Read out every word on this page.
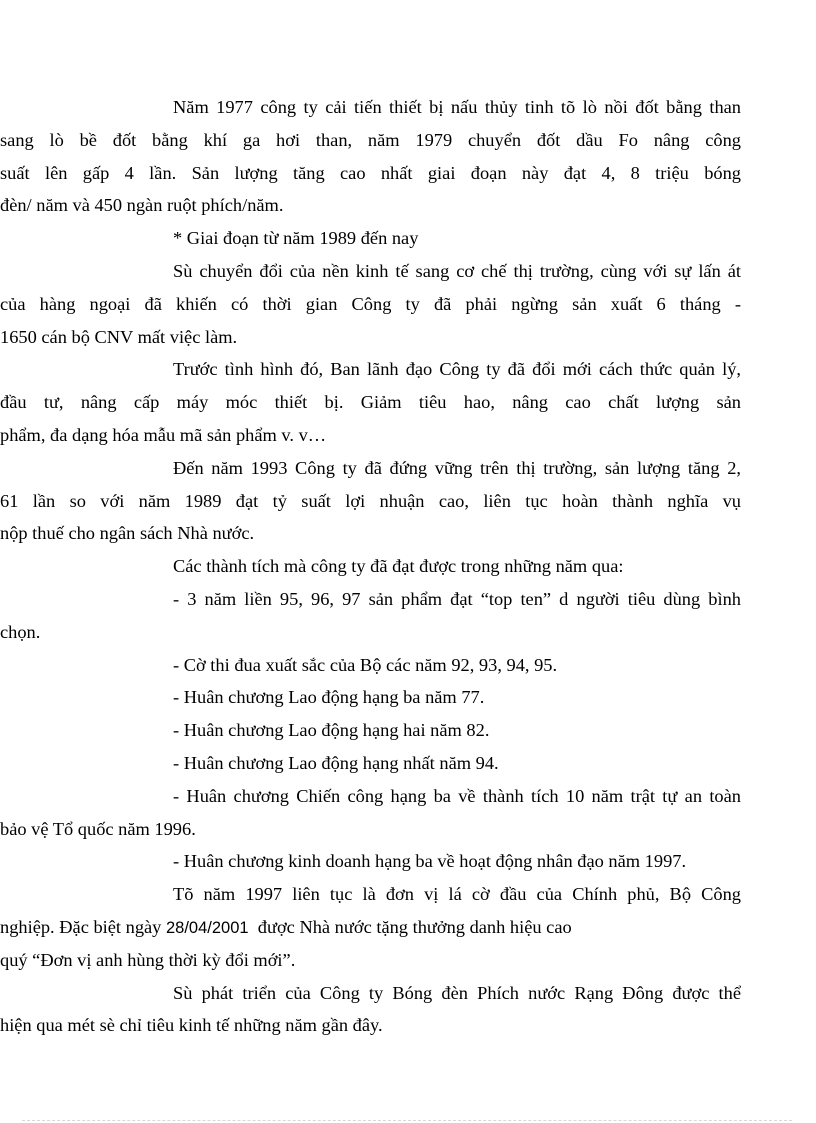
Năm 1977 công ty cải tiến thiết bị nấu thủy tinh tõ lò nồi đốt bằng than
sang lò bề đốt bằng khí ga hơi than, năm 1979 chuyển đốt dầu Fo nâng công
suất lên gấp 4 lần. Sản lượng tăng cao nhất giai đoạn này đạt 4, 8 triệu bóng
đèn/ năm và 450 ngàn ruột phích/năm.
* Giai đoạn từ năm 1989 đến nay
Sù chuyển đổi của nền kinh tế sang cơ chế thị trường, cùng với sự lấn át
của hàng ngoại đã khiến có thời gian Công ty đã phải ngừng sản xuất 6 tháng -
1650 cán bộ CNV mất việc làm.
Trước tình hình đó, Ban lãnh đạo Công ty đã đổi mới cách thức quản lý,
đầu tư, nâng cấp máy móc thiết bị. Giảm tiêu hao, nâng cao chất lượng sản
phẩm, đa dạng hóa mẫu mã sản phẩm v. v…
Đến năm 1993 Công ty đã đứng vững trên thị trường, sản lượng tăng 2,
61 lần so với năm 1989 đạt tỷ suất lợi nhuận cao, liên tục hoàn thành nghĩa vụ
nộp thuế cho ngân sách Nhà nước.
Các thành tích mà công ty đã đạt được trong những năm qua:
- 3 năm liền 95, 96, 97 sản phẩm đạt “top ten” d người tiêu dùng bình
chọn.
- Cờ thi đua xuất sắc của Bộ các năm 92, 93, 94, 95.
- Huân chương Lao động hạng ba năm 77.
- Huân chương Lao động hạng hai năm 82.
- Huân chương Lao động hạng nhất năm 94.
- Huân chương Chiến công hạng ba về thành tích 10 năm trật tự an toàn
bảo vệ Tổ quốc năm 1996.
- Huân chương kinh doanh hạng ba về hoạt động nhân đạo năm 1997.
Tõ năm 1997 liên tục là đơn vị lá cờ đầu của Chính phủ, Bộ Công
nghiệp. Đặc biệt ngày 28/04/2001 được Nhà nước tặng thưởng danh hiệu cao
quý “Đơn vị anh hùng thời kỳ đổi mới”.
Sù phát triển của Công ty Bóng đèn Phích nước Rạng Đông được thể
hiện qua mét sè chỉ tiêu kinh tế những năm gần đây.
